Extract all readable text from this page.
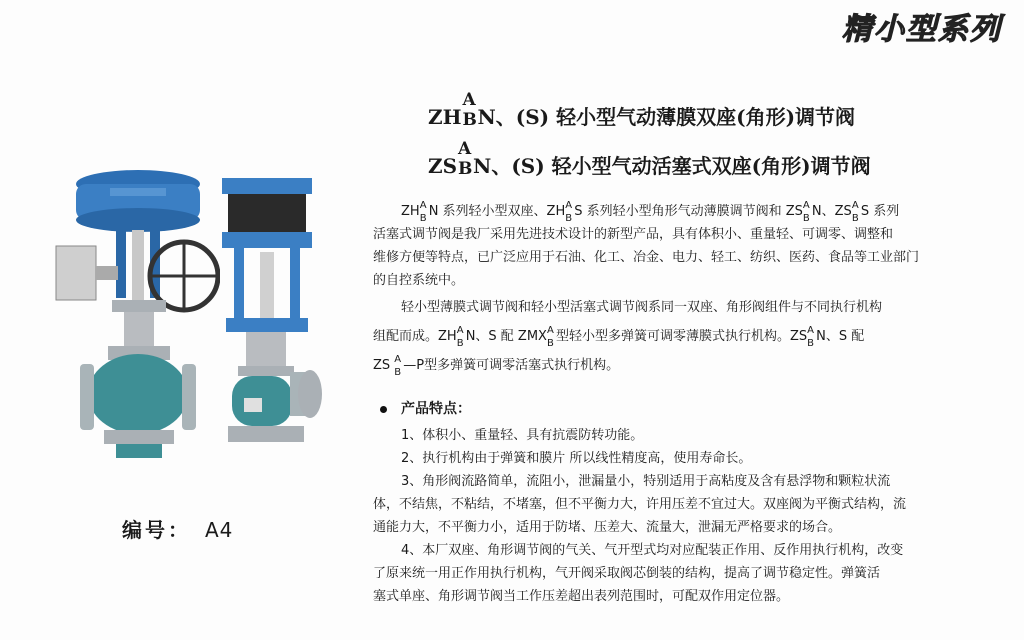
精小型系列
编号： A4
ZH
A
B N、(S) 轻小型气动薄膜双座(角形)调节阀
ZS
A
B N、(S) 轻小型气动活塞式双座(角形)调节阀
ZH A
B N 系列轻小型双座、ZH A
B S 系列轻小型角形气动薄膜调节阀和 ZS A
B N、ZS A
B S 系列
活塞式调节阀是我厂采用先进技术设计的新型产品，具有体积小、重量轻、可调零、调整和
维修方便等特点，已广泛应用于石油、化工、冶金、电力、轻工、纺织、医药、食品等工业部门
的自控系统中。
轻小型薄膜式调节阀和轻小型活塞式调节阀系同一双座、角形阀组件与不同执行机构
组配而成。ZH A
B N、S 配 ZMX A
B 型轻小型多弹簧可调零薄膜式执行机构。ZS A
B N、S 配
ZS A
B —P型多弹簧可调零活塞式执行机构。
产品特点：
1、体积小、重量轻、具有抗震防转功能。
2、执行机构由于弹簧和膜片 所以线性精度高，使用寿命长。
3、角形阀流路简单，流阻小，泄漏量小，特别适用于高粘度及含有悬浮物和颗粒状流
体，不结焦，不粘结，不堵塞，但不平衡力大，许用压差不宜过大。双座阀为平衡式结构，流
通能力大，不平衡力小，适用于防堵、压差大、流量大，泄漏无严格要求的场合。
4、本厂双座、角形调节阀的气关、气开型式均对应配装正作用、反作用执行机构，改变
了原来统一用正作用执行机构，气开阀采取阀芯倒装的结构，提高了调节稳定性。弹簧活
塞式单座、角形调节阀当工作压差超出表列范围时，可配双作用定位器。
